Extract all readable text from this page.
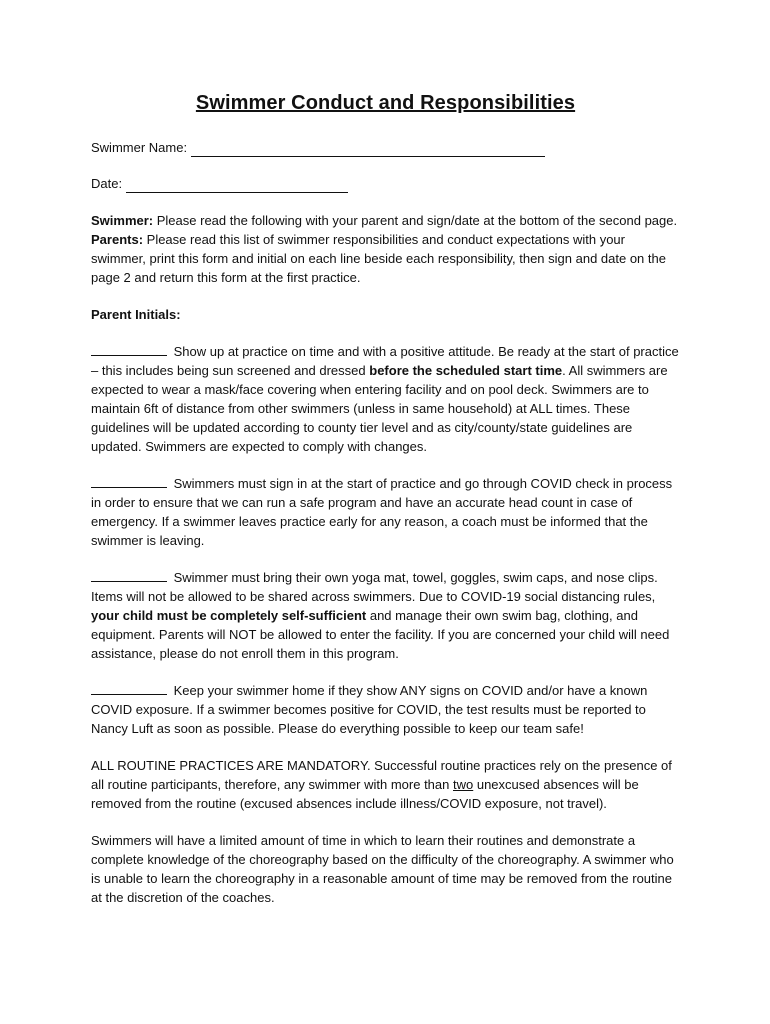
Swimmer Conduct and Responsibilities
Swimmer Name:
Date:

Swimmer: Please read the following with your parent and sign/date at the bottom of the second page. Parents: Please read this list of swimmer responsibilities and conduct expectations with your swimmer, print this form and initial on each line beside each responsibility, then sign and date on the page 2 and return this form at the first practice.

Parent Initials:

Show up at practice on time and with a positive attitude. Be ready at the start of practice – this includes being sun screened and dressed before the scheduled start time. All swimmers are expected to wear a mask/face covering when entering facility and on pool deck. Swimmers are to maintain 6ft of distance from other swimmers (unless in same household) at ALL times. These guidelines will be updated according to county tier level and as city/county/state guidelines are updated. Swimmers are expected to comply with changes.

Swimmers must sign in at the start of practice and go through COVID check in process in order to ensure that we can run a safe program and have an accurate head count in case of emergency. If a swimmer leaves practice early for any reason, a coach must be informed that the swimmer is leaving.

Swimmer must bring their own yoga mat, towel, goggles, swim caps, and nose clips. Items will not be allowed to be shared across swimmers. Due to COVID-19 social distancing rules, your child must be completely self-sufficient and manage their own swim bag, clothing, and equipment. Parents will NOT be allowed to enter the facility. If you are concerned your child will need assistance, please do not enroll them in this program.

Keep your swimmer home if they show ANY signs on COVID and/or have a known COVID exposure. If a swimmer becomes positive for COVID, the test results must be reported to Nancy Luft as soon as possible. Please do everything possible to keep our team safe!

ALL ROUTINE PRACTICES ARE MANDATORY. Successful routine practices rely on the presence of all routine participants, therefore, any swimmer with more than two unexcused absences will be removed from the routine (excused absences include illness/COVID exposure, not travel).

Swimmers will have a limited amount of time in which to learn their routines and demonstrate a complete knowledge of the choreography based on the difficulty of the choreography. A swimmer who is unable to learn the choreography in a reasonable amount of time may be removed from the routine at the discretion of the coaches.
